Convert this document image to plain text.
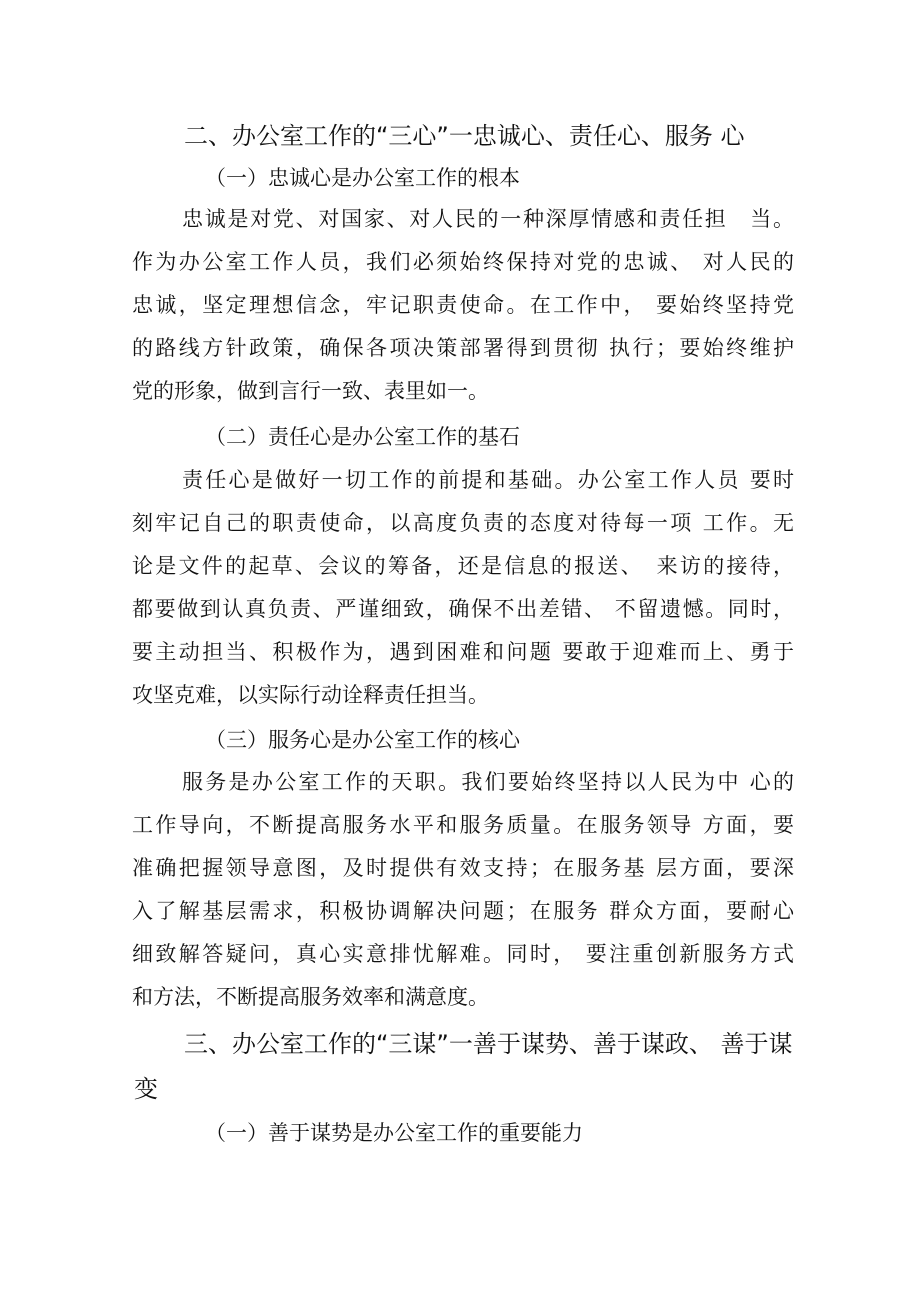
二、办公室工作的“三心”一忠诚心、责任心、服务 心
（一）忠诚心是办公室工作的根本
忠诚是对党、对国家、对人民的一种深厚情感和责任担　当。
作为办公室工作人员，我们必须始终保持对党的忠诚、 对人民的
忠诚，坚定理想信念，牢记职责使命。在工作中， 要始终坚持党
的路线方针政策，确保各项决策部署得到贯彻 执行；要始终维护
党的形象，做到言行一致、表里如一。
（二）责任心是办公室工作的基石
责任心是做好一切工作的前提和基础。办公室工作人员 要时
刻牢记自己的职责使命，以高度负责的态度对待每一项 工作。无
论是文件的起草、会议的筹备，还是信息的报送、　来访的接待，
都要做到认真负责、严谨细致，确保不出差错、 不留遗憾。同时，
要主动担当、积极作为，遇到困难和问题 要敢于迎难而上、勇于
攻坚克难，以实际行动诠释责任担当。
（三）服务心是办公室工作的核心
服务是办公室工作的天职。我们要始终坚持以人民为中 心的
工作导向，不断提高服务水平和服务质量。在服务领导 方面，要
准确把握领导意图，及时提供有效支持；在服务基 层方面，要深
入了解基层需求，积极协调解决问题；在服务 群众方面，要耐心
细致解答疑问，真心实意排忧解难。同时， 要注重创新服务方式
和方法，不断提高服务效率和满意度。
三、办公室工作的“三谋”一善于谋势、善于谋政、 善于谋
变
（一）善于谋势是办公室工作的重要能力
